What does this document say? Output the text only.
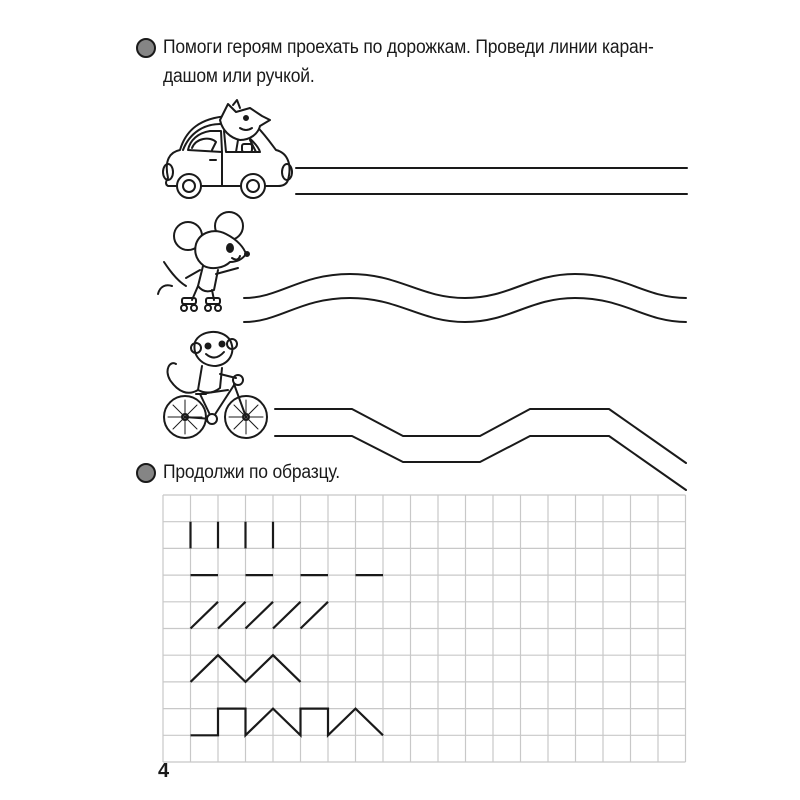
Помоги героям проехать по дорожкам. Проведи линии каран-
дашом или ручкой.
Продолжи по образцу.
4
